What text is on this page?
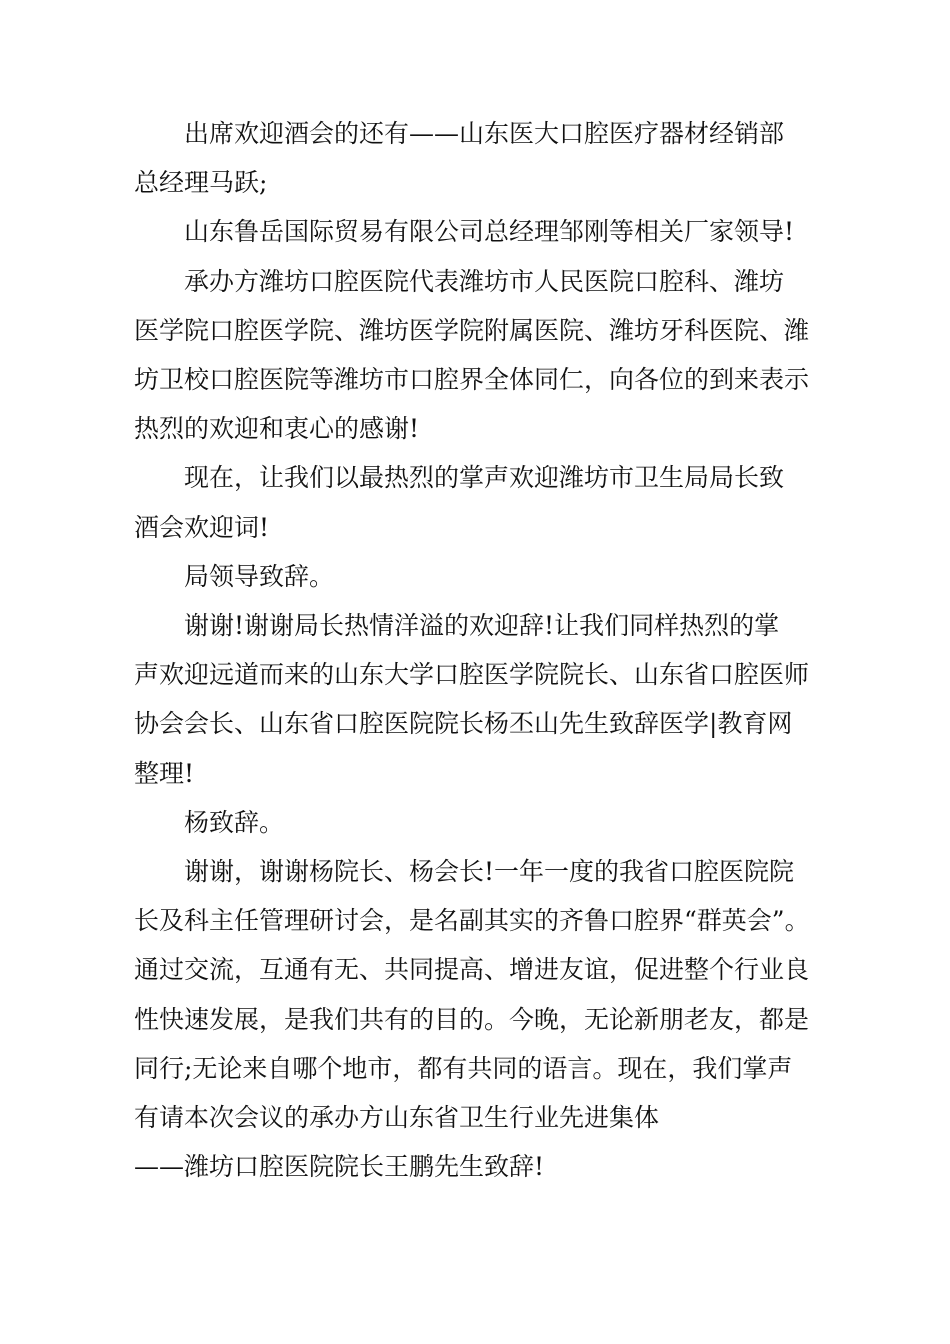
出席欢迎酒会的还有——山东医大口腔医疗器材经销部
总经理马跃;
山东鲁岳国际贸易有限公司总经理邹刚等相关厂家领导!
承办方潍坊口腔医院代表潍坊市人民医院口腔科、潍坊
医学院口腔医学院、潍坊医学院附属医院、潍坊牙科医院、潍
坊卫校口腔医院等潍坊市口腔界全体同仁，向各位的到来表示
热烈的欢迎和衷心的感谢!
现在，让我们以最热烈的掌声欢迎潍坊市卫生局局长致
酒会欢迎词!
局领导致辞。
谢谢!谢谢局长热情洋溢的欢迎辞!让我们同样热烈的掌
声欢迎远道而来的山东大学口腔医学院院长、山东省口腔医师
协会会长、山东省口腔医院院长杨丕山先生致辞医学|教育网
整理!
杨致辞。
谢谢，谢谢杨院长、杨会长!一年一度的我省口腔医院院
长及科主任管理研讨会，是名副其实的齐鲁口腔界“群英会”。
通过交流，互通有无、共同提高、增进友谊，促进整个行业良
性快速发展，是我们共有的目的。今晚，无论新朋老友，都是
同行;无论来自哪个地市，都有共同的语言。现在，我们掌声
有请本次会议的承办方山东省卫生行业先进集体
——潍坊口腔医院院长王鹏先生致辞!
